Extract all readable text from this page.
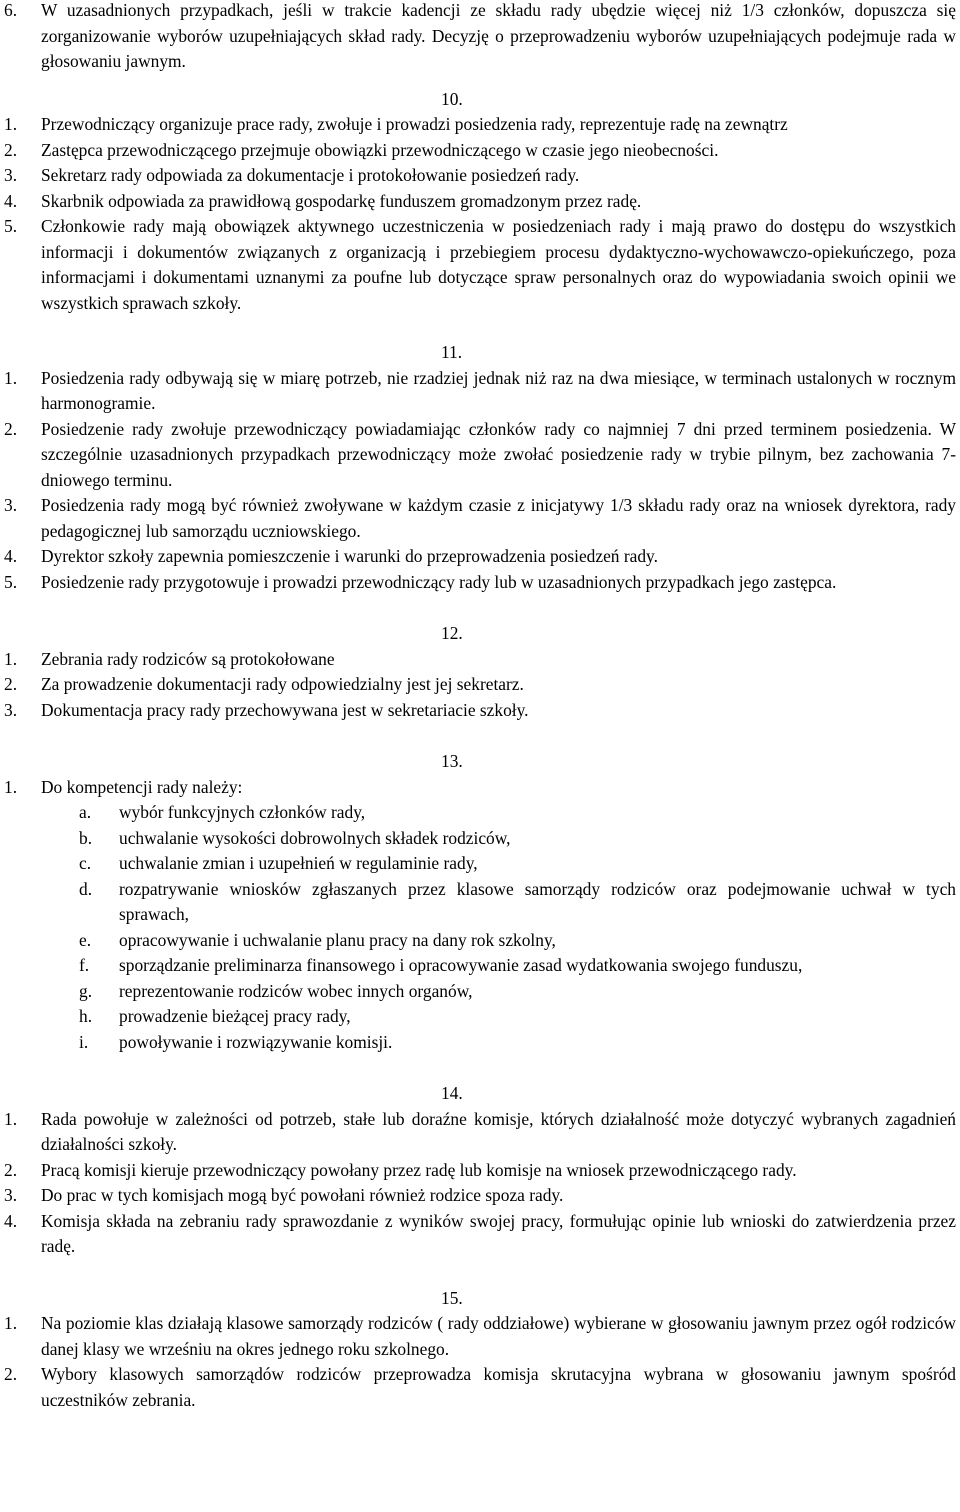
6. W uzasadnionych przypadkach, jeśli w trakcie kadencji ze składu rady ubędzie więcej niż 1/3 członków, dopuszcza się zorganizowanie wyborów uzupełniających skład rady. Decyzję o przeprowadzeniu wyborów uzupełniających podejmuje rada w głosowaniu jawnym.
10.
1. Przewodniczący organizuje prace rady, zwołuje i prowadzi posiedzenia rady, reprezentuje radę na zewnątrz
2. Zastępca przewodniczącego przejmuje obowiązki przewodniczącego w czasie jego nieobecności.
3. Sekretarz rady odpowiada za dokumentacje i protokołowanie posiedzeń rady.
4. Skarbnik odpowiada za prawidłową gospodarkę funduszem gromadzonym przez radę.
5. Członkowie rady mają obowiązek aktywnego uczestniczenia w posiedzeniach rady i mają prawo do dostępu do wszystkich informacji i dokumentów związanych z organizacją i przebiegiem procesu dydaktyczno-wychowawczo-opiekuńczego, poza informacjami i dokumentami uznanymi za poufne lub dotyczące spraw personalnych oraz do wypowiadania swoich opinii we wszystkich sprawach szkoły.
11.
1. Posiedzenia rady odbywają się w miarę potrzeb, nie rzadziej jednak niż raz na dwa miesiące, w terminach ustalonych w rocznym harmonogramie.
2. Posiedzenie rady zwołuje przewodniczący powiadamiając członków rady co najmniej 7 dni przed terminem posiedzenia. W szczególnie uzasadnionych przypadkach przewodniczący może zwołać posiedzenie rady w trybie pilnym, bez zachowania 7-dniowego terminu.
3. Posiedzenia rady mogą być również zwoływane w każdym czasie z inicjatywy 1/3 składu rady oraz na wniosek dyrektora, rady pedagogicznej lub samorządu uczniowskiego.
4. Dyrektor szkoły zapewnia pomieszczenie i warunki do przeprowadzenia posiedzeń rady.
5. Posiedzenie rady przygotowuje i prowadzi przewodniczący rady lub w uzasadnionych przypadkach jego zastępca.
12.
1. Zebrania rady rodziców są protokołowane
2. Za prowadzenie dokumentacji rady odpowiedzialny jest jej sekretarz.
3. Dokumentacja pracy rady przechowywana jest w sekretariacie szkoły.
13.
1. Do kompetencji rady należy:
a. wybór funkcyjnych członków rady,
b. uchwalanie wysokości dobrowolnych składek rodziców,
c. uchwalanie zmian i uzupełnień w regulaminie rady,
d. rozpatrywanie wniosków zgłaszanych przez klasowe samorządy rodziców oraz podejmowanie uchwał w tych sprawach,
e. opracowywanie i uchwalanie planu pracy na dany rok szkolny,
f. sporządzanie preliminarza finansowego i opracowywanie zasad wydatkowania swojego funduszu,
g. reprezentowanie rodziców wobec innych organów,
h. prowadzenie bieżącej pracy rady,
i. powoływanie i rozwiązywanie komisji.
14.
1. Rada powołuje w zależności od potrzeb, stałe lub doraźne komisje, których działalność może dotyczyć wybranych zagadnień działalności szkoły.
2. Pracą komisji kieruje przewodniczący powołany przez radę lub komisje na wniosek przewodniczącego rady.
3. Do prac w tych komisjach mogą być powołani również rodzice spoza rady.
4. Komisja składa na zebraniu rady sprawozdanie z wyników swojej pracy, formułując opinie lub wnioski do zatwierdzenia przez radę.
15.
1. Na poziomie klas działają klasowe samorządy rodziców ( rady oddziałowe) wybierane w głosowaniu jawnym przez ogół rodziców danej klasy we wrześniu na okres jednego roku szkolnego.
2. Wybory klasowych samorządów rodziców przeprowadza komisja skrutacyjna wybrana w głosowaniu jawnym spośród uczestników zebrania.
